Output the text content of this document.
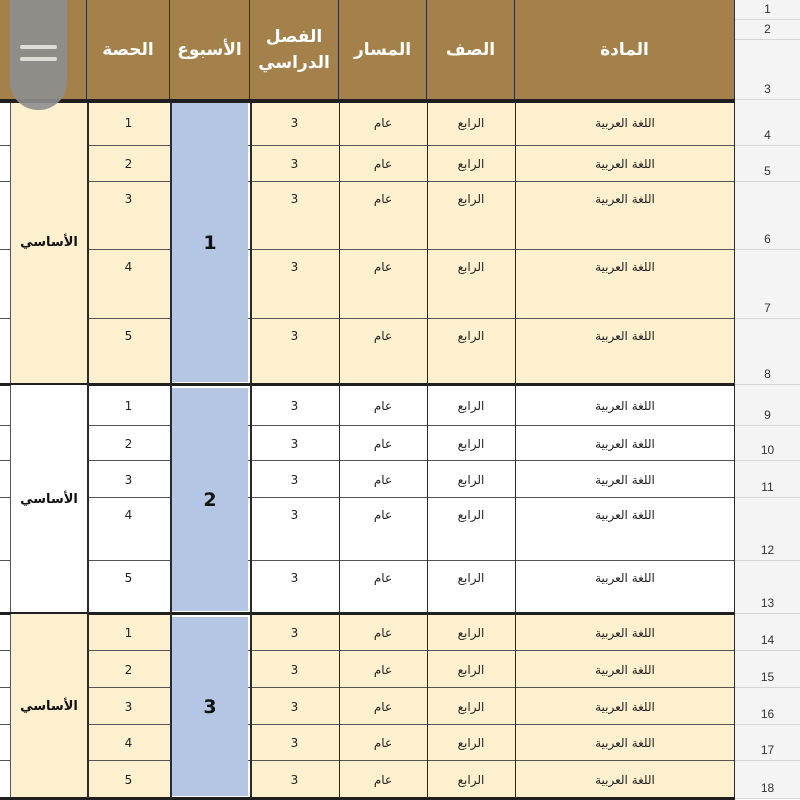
المادة
الصف
المسار
الفصل
الدراسي
الأسبوع
الحصة
اللغة العربية
الرابع
عام
3
1
اللغة العربية
الرابع
عام
3
2
اللغة العربية
الرابع
عام
3
3
اللغة العربية
الرابع
عام
3
4
اللغة العربية
الرابع
عام
3
5
اللغة العربية
الرابع
عام
3
1
اللغة العربية
الرابع
عام
3
2
اللغة العربية
الرابع
عام
3
3
اللغة العربية
الرابع
عام
3
4
اللغة العربية
الرابع
عام
3
5
اللغة العربية
الرابع
عام
3
1
اللغة العربية
الرابع
عام
3
2
اللغة العربية
الرابع
عام
3
3
اللغة العربية
الرابع
عام
3
4
اللغة العربية
الرابع
عام
3
5
1
الأساسي
2
الأساسي
3
الأساسي
1
2
3
4
5
6
7
8
9
10
11
12
13
14
15
16
17
18
